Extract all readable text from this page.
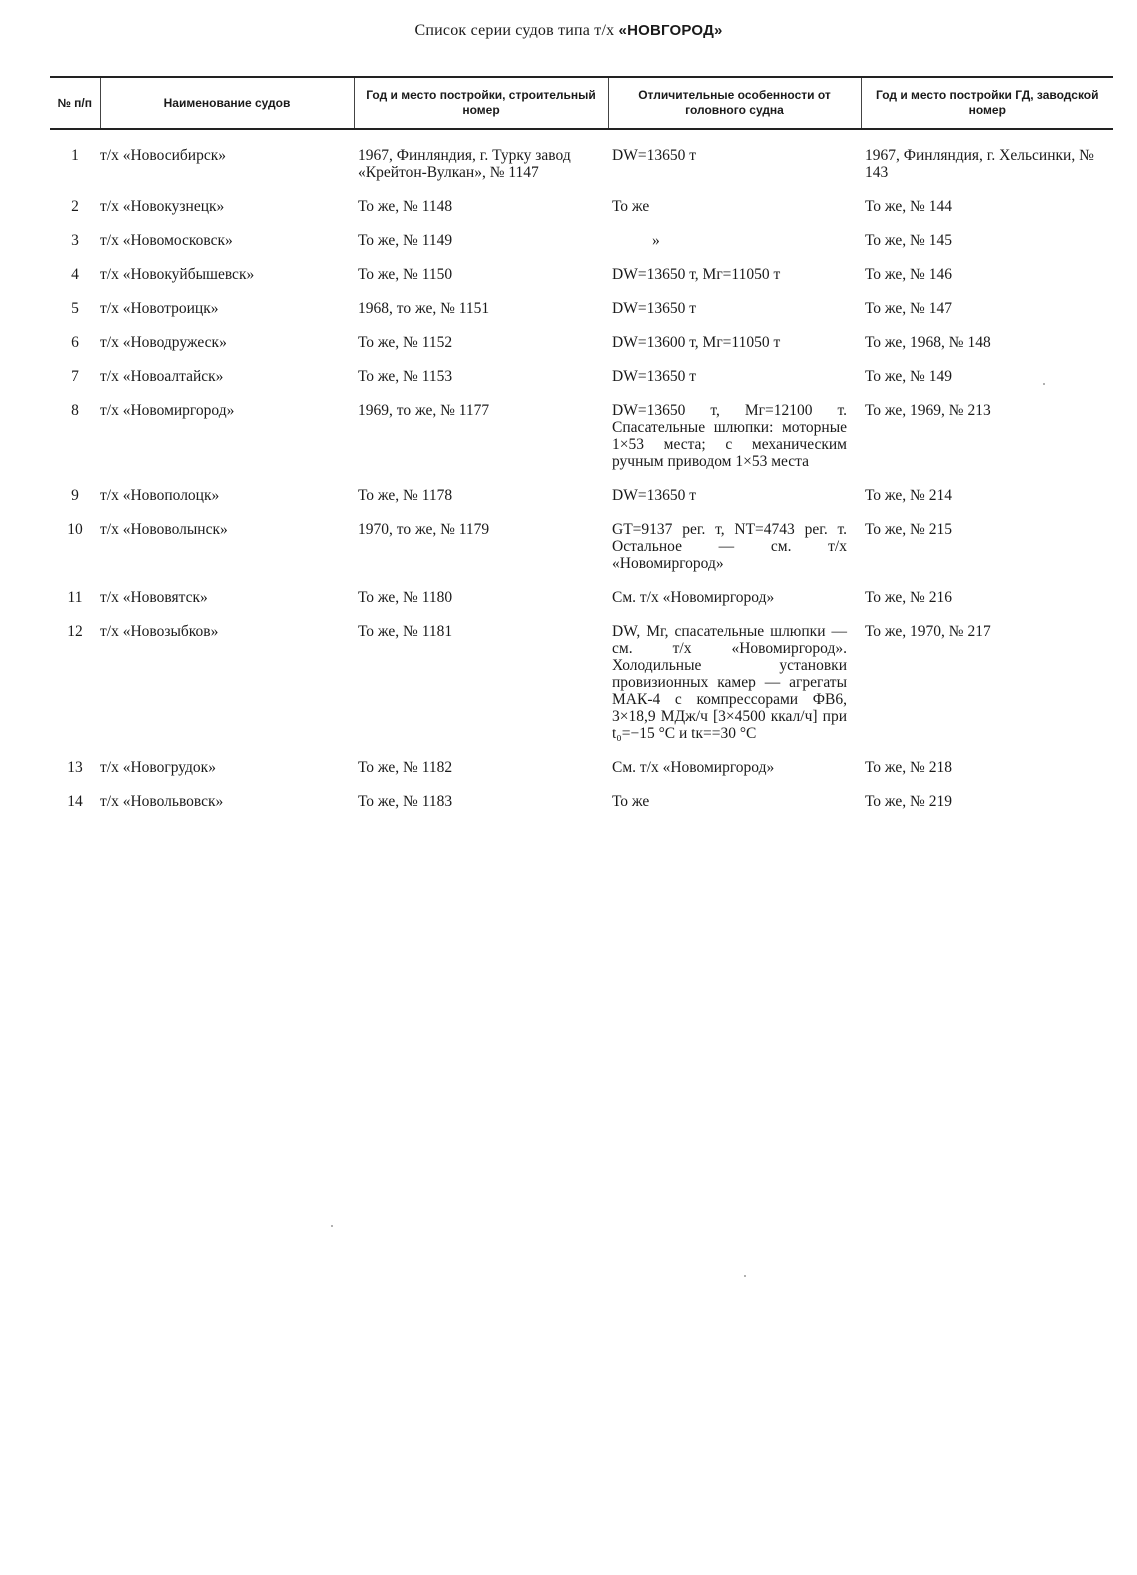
Список серии судов типа т/х «НОВГОРОД»
№ п/п	Наименование судов	Год и место постройки, строительный номер	Отличительные особенности от головного судна	Год и место постройки ГД, заводской номер
1	т/х «Новосибирск»	1967, Финляндия, г. Турку завод «Крейтон-Вулкан», № 1147	DW=13650 т	1967, Финляндия, г. Хельсинки, № 143
2	т/х «Новокузнецк»	То же, № 1148	То же	То же, № 144
3	т/х «Новомосковск»	То же, № 1149	»	То же, № 145
4	т/х «Новокуйбышевск»	То же, № 1150	DW=13650 т, Мг=11050 т	То же, № 146
5	т/х «Новотроицк»	1968, то же, № 1151	DW=13650 т	То же, № 147
6	т/х «Новодружеск»	То же, № 1152	DW=13600 т, Мг=11050 т	То же, 1968, № 148
7	т/х «Новоалтайск»	То же, № 1153	DW=13650 т	То же, № 149
8	т/х «Новомиргород»	1969, то же, № 1177	DW=13650 т, Мг=12100 т. Спасательные шлюпки: моторные 1×53 места; с механическим ручным приводом 1×53 места	То же, 1969, № 213
9	т/х «Новополоцк»	То же, № 1178	DW=13650 т	То же, № 214
10	т/х «Нововолынск»	1970, то же, № 1179	GT=9137 рег. т, NT=4743 рег. т. Остальное — см. т/х «Новомиргород»	То же, № 215
11	т/х «Нововятск»	То же, № 1180	См. т/х «Новомиргород»	То же, № 216
12	т/х «Новозыбков»	То же, № 1181	DW, Мг, спасательные шлюпки — см. т/х «Новомиргород». Холодильные установки провизионных камер — агрегаты МАК-4 с компрессорами ФВ6, 3×18,9 МДж/ч [3×4500 ккал/ч] при t₀=−15 °С и tк==30 °С	То же, 1970, № 217
13	т/х «Новогрудок»	То же, № 1182	См. т/х «Новомиргород»	То же, № 218
14	т/х «Новольвовск»	То же, № 1183	То же	То же, № 219
